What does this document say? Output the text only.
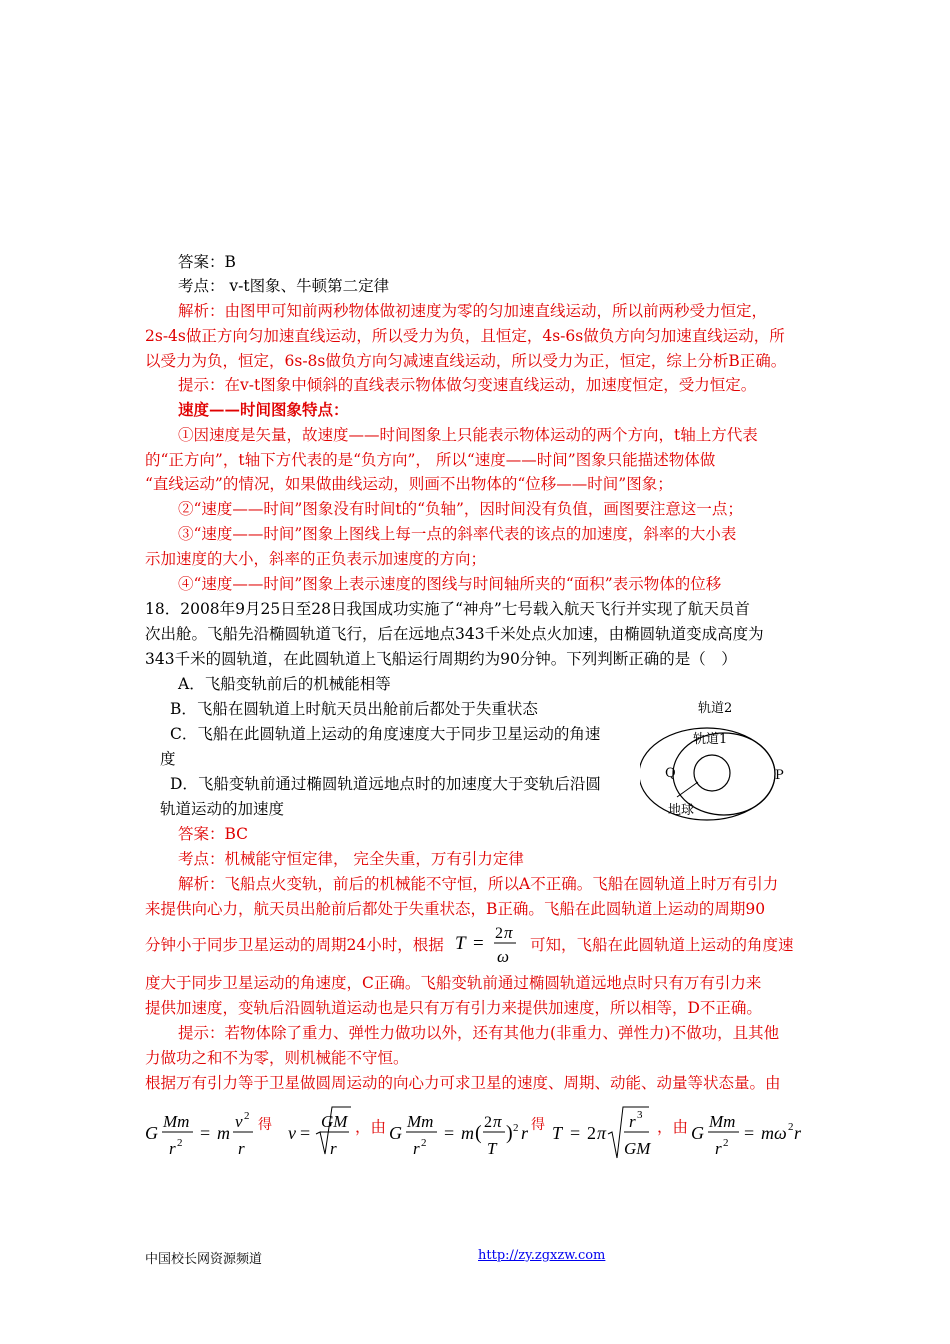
答案：B
考点： v-t图象、牛顿第二定律
解析：由图甲可知前两秒物体做初速度为零的匀加速直线运动，所以前两秒受力恒定，
2s-4s做正方向匀加速直线运动，所以受力为负，且恒定，4s-6s做负方向匀加速直线运动，所
以受力为负，恒定，6s-8s做负方向匀减速直线运动，所以受力为正，恒定，综上分析B正确。
提示：在v-t图象中倾斜的直线表示物体做匀变速直线运动，加速度恒定，受力恒定。
速度——时间图象特点：
①因速度是矢量，故速度——时间图象上只能表示物体运动的两个方向，t轴上方代表
的“正方向”，t轴下方代表的是“负方向”， 所以“速度——时间”图象只能描述物体做
“直线运动”的情况，如果做曲线运动，则画不出物体的“位移——时间”图象；
②“速度——时间”图象没有时间t的“负轴”，因时间没有负值，画图要注意这一点；
③“速度——时间”图象上图线上每一点的斜率代表的该点的加速度，斜率的大小表
示加速度的大小，斜率的正负表示加速度的方向；
④“速度——时间”图象上表示速度的图线与时间轴所夹的“面积”表示物体的位移
18．2008年9月25日至28日我国成功实施了“神舟”七号载入航天飞行并实现了航天员首
次出舱。飞船先沿椭圆轨道飞行，后在远地点343千米处点火加速，由椭圆轨道变成高度为
343千米的圆轨道，在此圆轨道上飞船运行周期约为90分钟。下列判断正确的是（　）
A．飞船变轨前后的机械能相等
B．飞船在圆轨道上时航天员出舱前后都处于失重状态
C．飞船在此圆轨道上运动的角度速度大于同步卫星运动的角速
度
D．飞船变轨前通过椭圆轨道远地点时的加速度大于变轨后沿圆
轨道运动的加速度
轨道2
轨道1
Q	P
地球
答案：BC
考点：机械能守恒定律， 完全失重，万有引力定律
解析：飞船点火变轨，前后的机械能不守恒，所以A不正确。飞船在圆轨道上时万有引力
来提供向心力，航天员出舱前后都处于失重状态，B正确。飞船在此圆轨道上运动的周期90
分钟小于同步卫星运动的周期24小时，根据 T = 2 π
ω
可知，飞船在此圆轨道上运动的角度速
度大于同步卫星运动的角速度，C正确。飞船变轨前通过椭圆轨道远地点时只有万有引力来
提供加速度，变轨后沿圆轨道运动也是只有万有引力来提供加速度，所以相等，D不正确。
提示：若物体除了重力、弹性力做功以外，还有其他力(非重力、弹性力)不做功，且其他
力做功之和不为零，则机械能不守恒。
根据万有引力等于卫星做圆周运动的向心力可求卫星的速度、周期、动能、动量等状态量。由
G
Mm
r 2 = m
v 2
r
v =
GM
r
得	，由 G
Mm
r 2 = m ( 2 π
T
) 2 r T = 2 π
r 3
GM
得	，由 G
Mm
r 2 = mω 2 r
中国校长网资源频道	http://zy.zgxzw.com
